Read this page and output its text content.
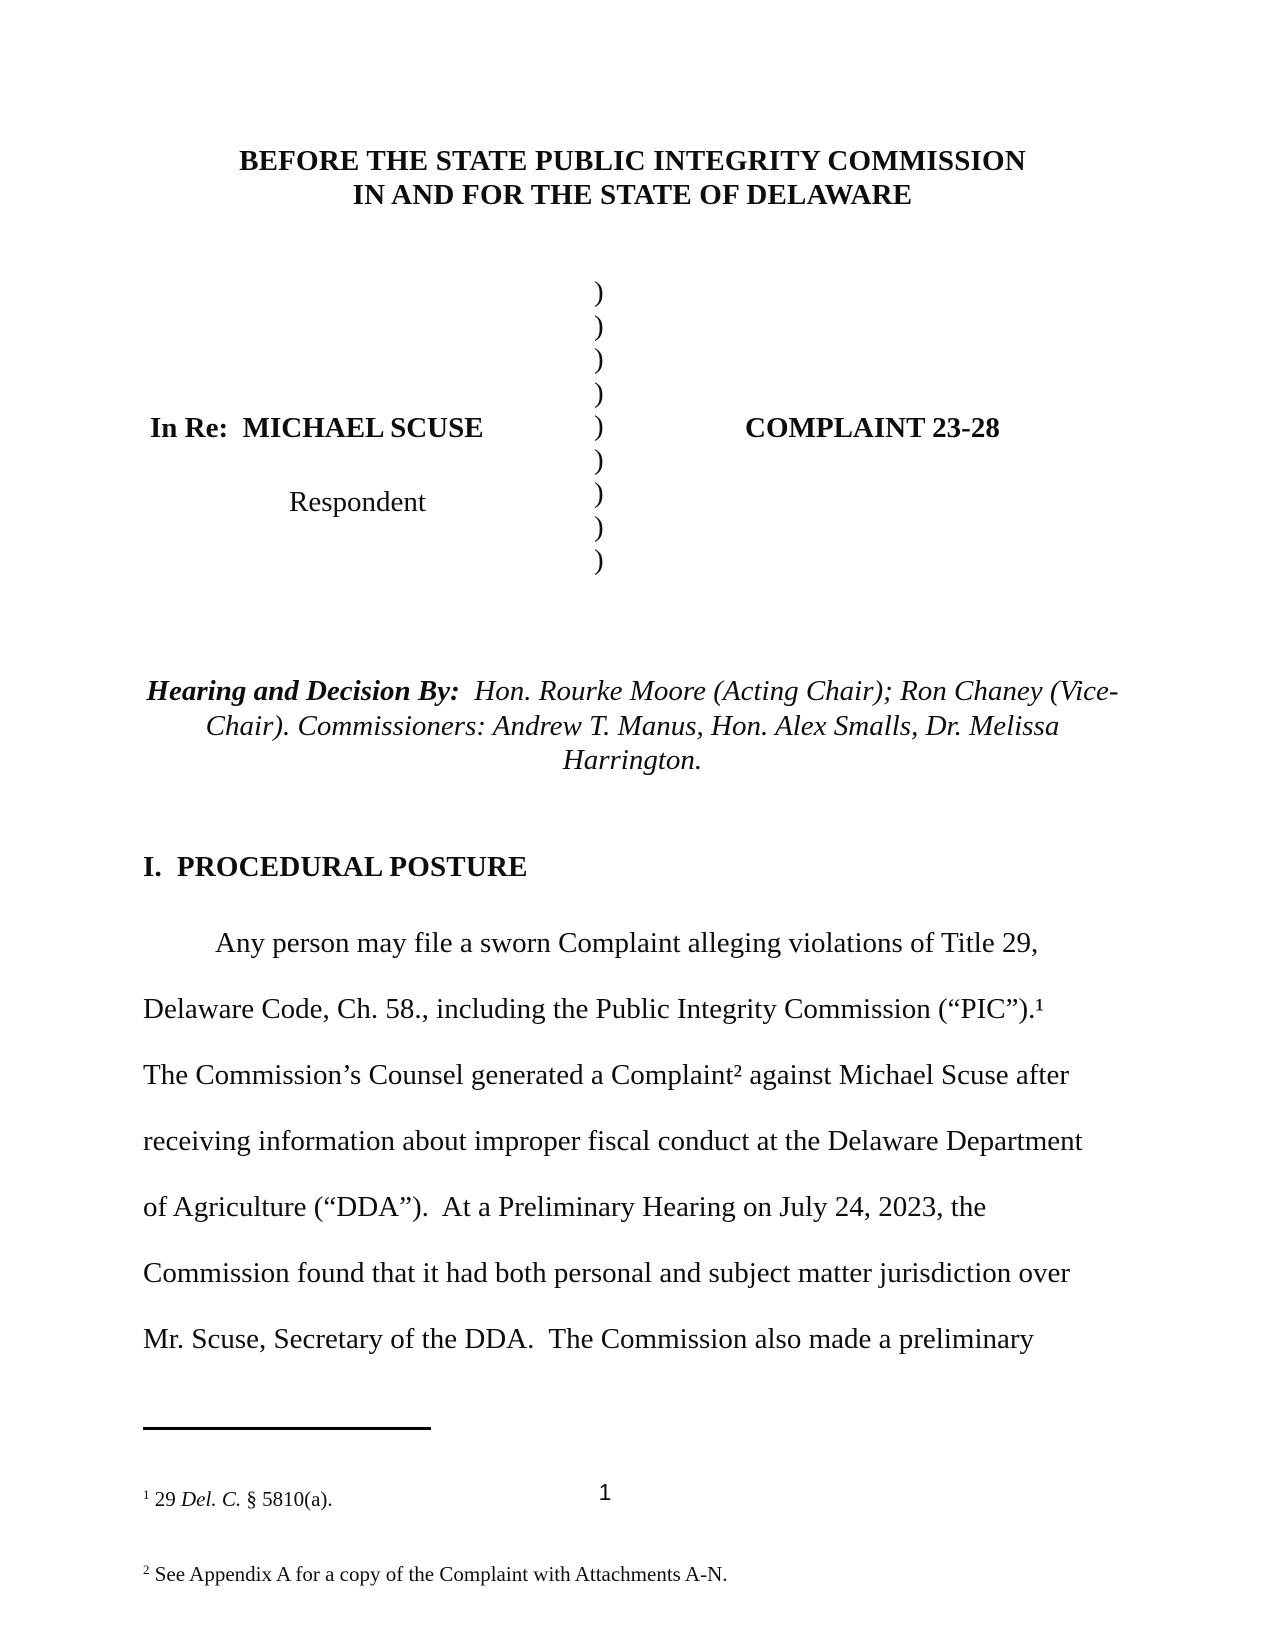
BEFORE THE STATE PUBLIC INTEGRITY COMMISSION
IN AND FOR THE STATE OF DELAWARE
In Re:  MICHAEL SCUSE
Respondent
)
)
)
)
)
)
)
)
)
COMPLAINT 23-28
Hearing and Decision By:  Hon. Rourke Moore (Acting Chair); Ron Chaney (Vice-Chair). Commissioners: Andrew T. Manus, Hon. Alex Smalls, Dr. Melissa Harrington.
I.  PROCEDURAL POSTURE
Any person may file a sworn Complaint alleging violations of Title 29,
Delaware Code, Ch. 58., including the Public Integrity Commission (“PIC”).¹
The Commission’s Counsel generated a Complaint² against Michael Scuse after
receiving information about improper fiscal conduct at the Delaware Department
of Agriculture (“DDA”).  At a Preliminary Hearing on July 24, 2023, the
Commission found that it had both personal and subject matter jurisdiction over
Mr. Scuse, Secretary of the DDA.  The Commission also made a preliminary

$^1$ 29 Del. C. § 5810(a).

$^2$ See Appendix A for a copy of the Complaint with Attachments A-N.

1
